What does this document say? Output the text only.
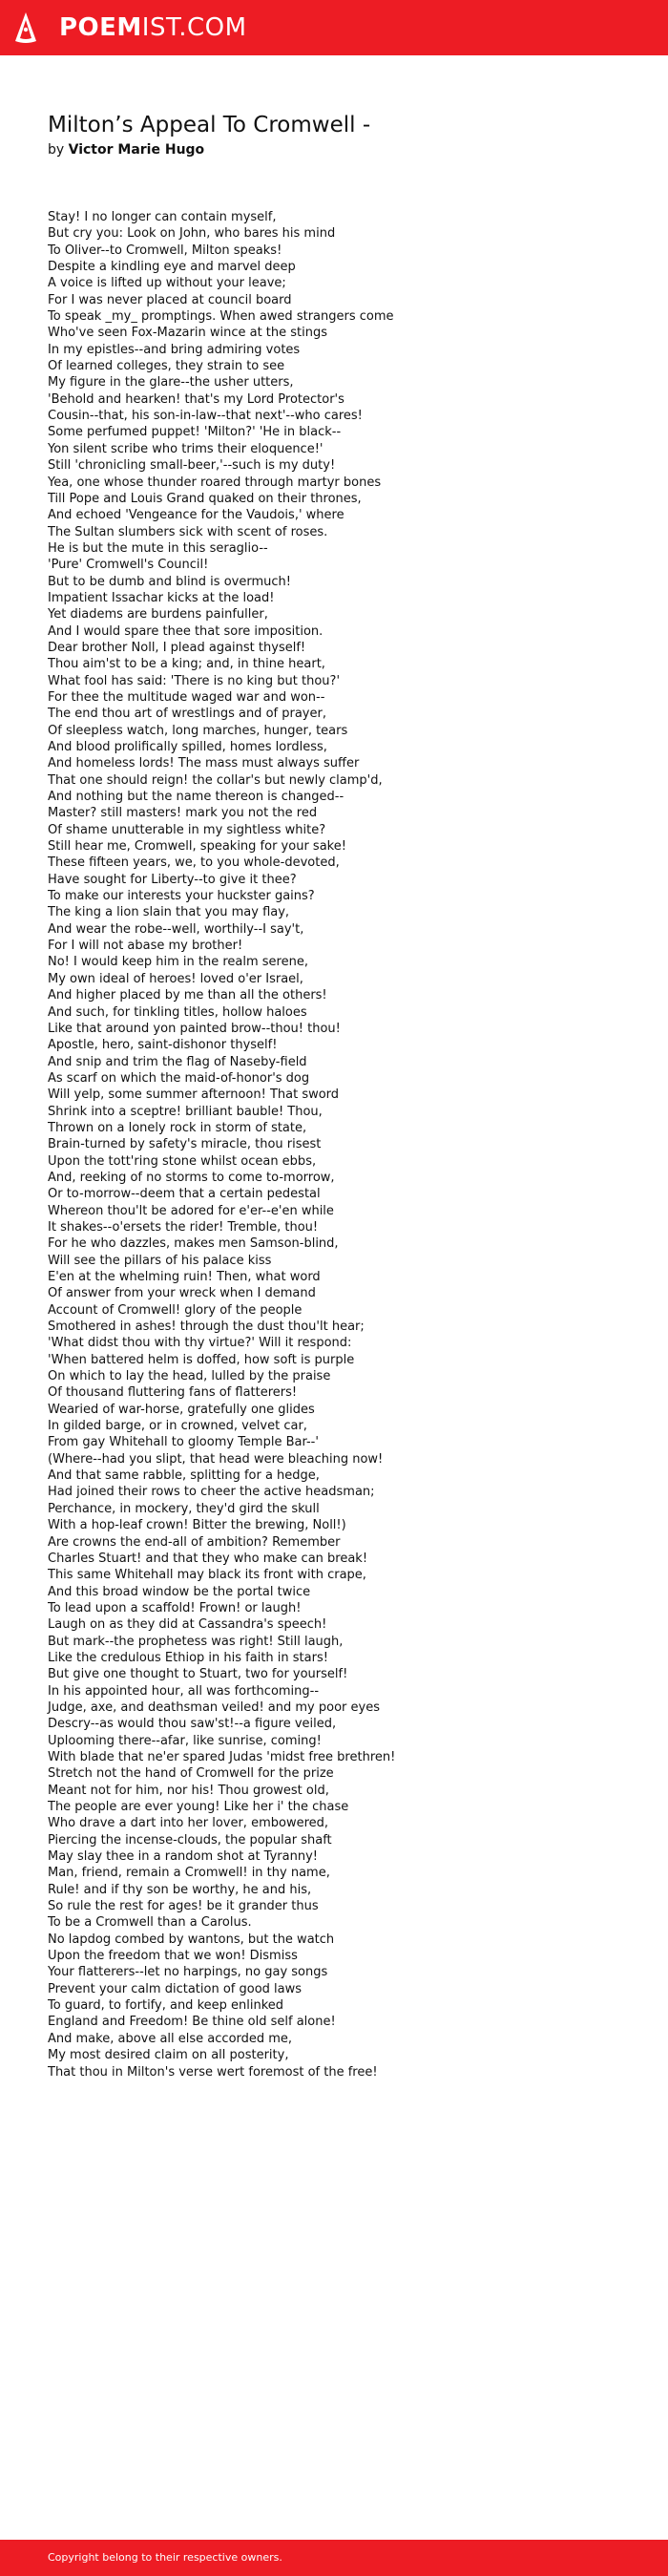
POEMIST.COM
Milton’s Appeal To Cromwell -
by Victor Marie Hugo
Stay! I no longer can contain myself,
But cry you: Look on John, who bares his mind
To Oliver--to Cromwell, Milton speaks!
Despite a kindling eye and marvel deep
A voice is lifted up without your leave;
For I was never placed at council board
To speak _my_ promptings. When awed strangers come
Who've seen Fox-Mazarin wince at the stings
In my epistles--and bring admiring votes
Of learned colleges, they strain to see
My figure in the glare--the usher utters,
'Behold and hearken! that's my Lord Protector's
Cousin--that, his son-in-law--that next'--who cares!
Some perfumed puppet! 'Milton?' 'He in black--
Yon silent scribe who trims their eloquence!'
Still 'chronicling small-beer,'--such is my duty!
Yea, one whose thunder roared through martyr bones
Till Pope and Louis Grand quaked on their thrones,
And echoed 'Vengeance for the Vaudois,' where
The Sultan slumbers sick with scent of roses.
He is but the mute in this seraglio--
'Pure' Cromwell's Council!
But to be dumb and blind is overmuch!
Impatient Issachar kicks at the load!
Yet diadems are burdens painfuller,
And I would spare thee that sore imposition.
Dear brother Noll, I plead against thyself!
Thou aim'st to be a king; and, in thine heart,
What fool has said: 'There is no king but thou?'
For thee the multitude waged war and won--
The end thou art of wrestlings and of prayer,
Of sleepless watch, long marches, hunger, tears
And blood prolifically spilled, homes lordless,
And homeless lords! The mass must always suffer
That one should reign! the collar's but newly clamp'd,
And nothing but the name thereon is changed--
Master? still masters! mark you not the red
Of shame unutterable in my sightless white?
Still hear me, Cromwell, speaking for your sake!
These fifteen years, we, to you whole-devoted,
Have sought for Liberty--to give it thee?
To make our interests your huckster gains?
The king a lion slain that you may flay,
And wear the robe--well, worthily--I say't,
For I will not abase my brother!
No! I would keep him in the realm serene,
My own ideal of heroes! loved o'er Israel,
And higher placed by me than all the others!
And such, for tinkling titles, hollow haloes
Like that around yon painted brow--thou! thou!
Apostle, hero, saint-dishonor thyself!
And snip and trim the flag of Naseby-field
As scarf on which the maid-of-honor's dog
Will yelp, some summer afternoon! That sword
Shrink into a sceptre! brilliant bauble! Thou,
Thrown on a lonely rock in storm of state,
Brain-turned by safety's miracle, thou risest
Upon the tott'ring stone whilst ocean ebbs,
And, reeking of no storms to come to-morrow,
Or to-morrow--deem that a certain pedestal
Whereon thou'lt be adored for e'er--e'en while
It shakes--o'ersets the rider! Tremble, thou!
For he who dazzles, makes men Samson-blind,
Will see the pillars of his palace kiss
E'en at the whelming ruin! Then, what word
Of answer from your wreck when I demand
Account of Cromwell! glory of the people
Smothered in ashes! through the dust thou'lt hear;
'What didst thou with thy virtue?' Will it respond:
'When battered helm is doffed, how soft is purple
On which to lay the head, lulled by the praise
Of thousand fluttering fans of flatterers!
Wearied of war-horse, gratefully one glides
In gilded barge, or in crowned, velvet car,
From gay Whitehall to gloomy Temple Bar--'
(Where--had you slipt, that head were bleaching now!
And that same rabble, splitting for a hedge,
Had joined their rows to cheer the active headsman;
Perchance, in mockery, they'd gird the skull
With a hop-leaf crown! Bitter the brewing, Noll!)
Are crowns the end-all of ambition? Remember
Charles Stuart! and that they who make can break!
This same Whitehall may black its front with crape,
And this broad window be the portal twice
To lead upon a scaffold! Frown! or laugh!
Laugh on as they did at Cassandra's speech!
But mark--the prophetess was right! Still laugh,
Like the credulous Ethiop in his faith in stars!
But give one thought to Stuart, two for yourself!
In his appointed hour, all was forthcoming--
Judge, axe, and deathsman veiled! and my poor eyes
Descry--as would thou saw'st!--a figure veiled,
Uplooming there--afar, like sunrise, coming!
With blade that ne'er spared Judas 'midst free brethren!
Stretch not the hand of Cromwell for the prize
Meant not for him, nor his! Thou growest old,
The people are ever young! Like her i' the chase
Who drave a dart into her lover, embowered,
Piercing the incense-clouds, the popular shaft
May slay thee in a random shot at Tyranny!
Man, friend, remain a Cromwell! in thy name,
Rule! and if thy son be worthy, he and his,
So rule the rest for ages! be it grander thus
To be a Cromwell than a Carolus.
No lapdog combed by wantons, but the watch
Upon the freedom that we won! Dismiss
Your flatterers--let no harpings, no gay songs
Prevent your calm dictation of good laws
To guard, to fortify, and keep enlinked
England and Freedom! Be thine old self alone!
And make, above all else accorded me,
My most desired claim on all posterity,
That thou in Milton's verse wert foremost of the free!
Copyright belong to their respective owners.
